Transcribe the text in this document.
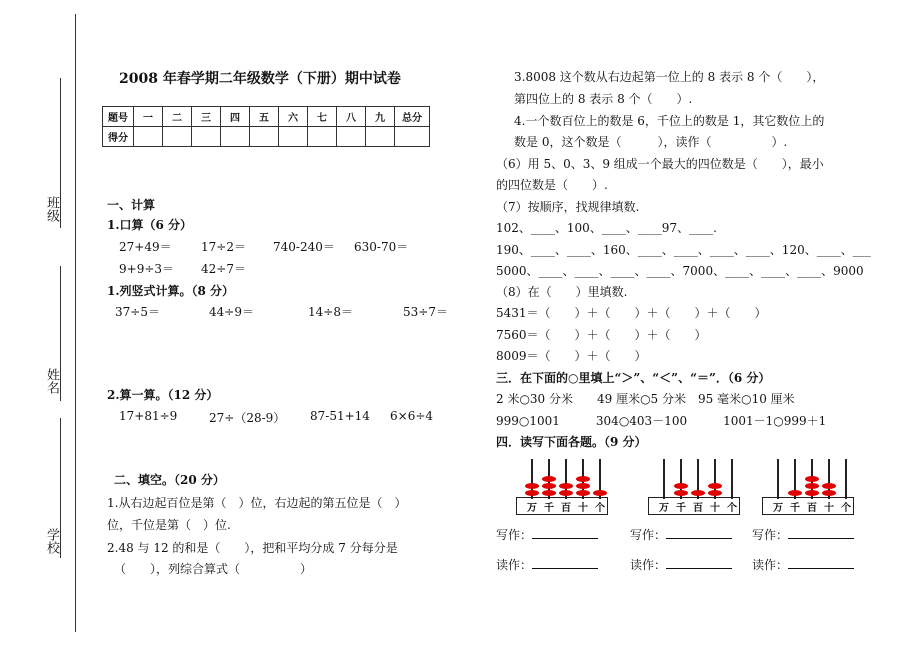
班级
姓名
学校
2008 年春学期二年级数学（下册）期中试卷
题号	一	二	三	四	五	六	七	八	九	总分
得分										
一、计算
1.口算（6 分）
27+49＝ 17÷2＝ 740-240＝ 630-70＝
9+9÷3＝ 42÷7＝
1.列竖式计算。（8 分）
37÷5＝	44÷9＝	14÷8＝	53÷7＝
2.算一算。（12 分）
17+81÷9	27÷（28-9） 87-51+14 6×6÷4
二、填空。（20 分）
1.从右边起百位是第（　）位，右边起的第五位是（　）
位，千位是第（　）位.
2.48 与 12 的和是（　　），把和平均分成 7 分每分是
（　　），列综合算式（　　　　　）
3.8008 这个数从右边起第一位上的 8 表示 8 个（　　），
第四位上的 8 表示 8 个（　　）.
4.一个数百位上的数是 6，千位上的数是 1，其它数位上的
数是 0，这个数是（　　　），读作（　　　　　）.
（6）用 5、0、3、9 组成一个最大的四位数是（　　），最小
的四位数是（　　）.
（7）按顺序，找规律填数.
102、____、100、____、____97、____.
190、____、____、160、____、____、____、____、120、____、___
5000、____、____、____、____、7000、____、____、____、9000
（8）在（　　）里填数.
5431＝（　　）＋（　　）＋（　　）＋（　　）
7560＝（　　）＋（　　）＋（　　）
8009＝（　　）＋（　　）
三．在下面的○里填上“＞”、“＜”、“＝”．（6 分）
2 米○30 分米　　49 厘米○5 分米　95 毫米○10 厘米
999○1001　　　304○403－100　　　1001－1○999＋1
四．读写下面各题。（9 分）
万 千 百 十 个	万 千 百 十 个	万 千 百 十 个
写作：	写作：	写作：
读作：	读作：	读作：
